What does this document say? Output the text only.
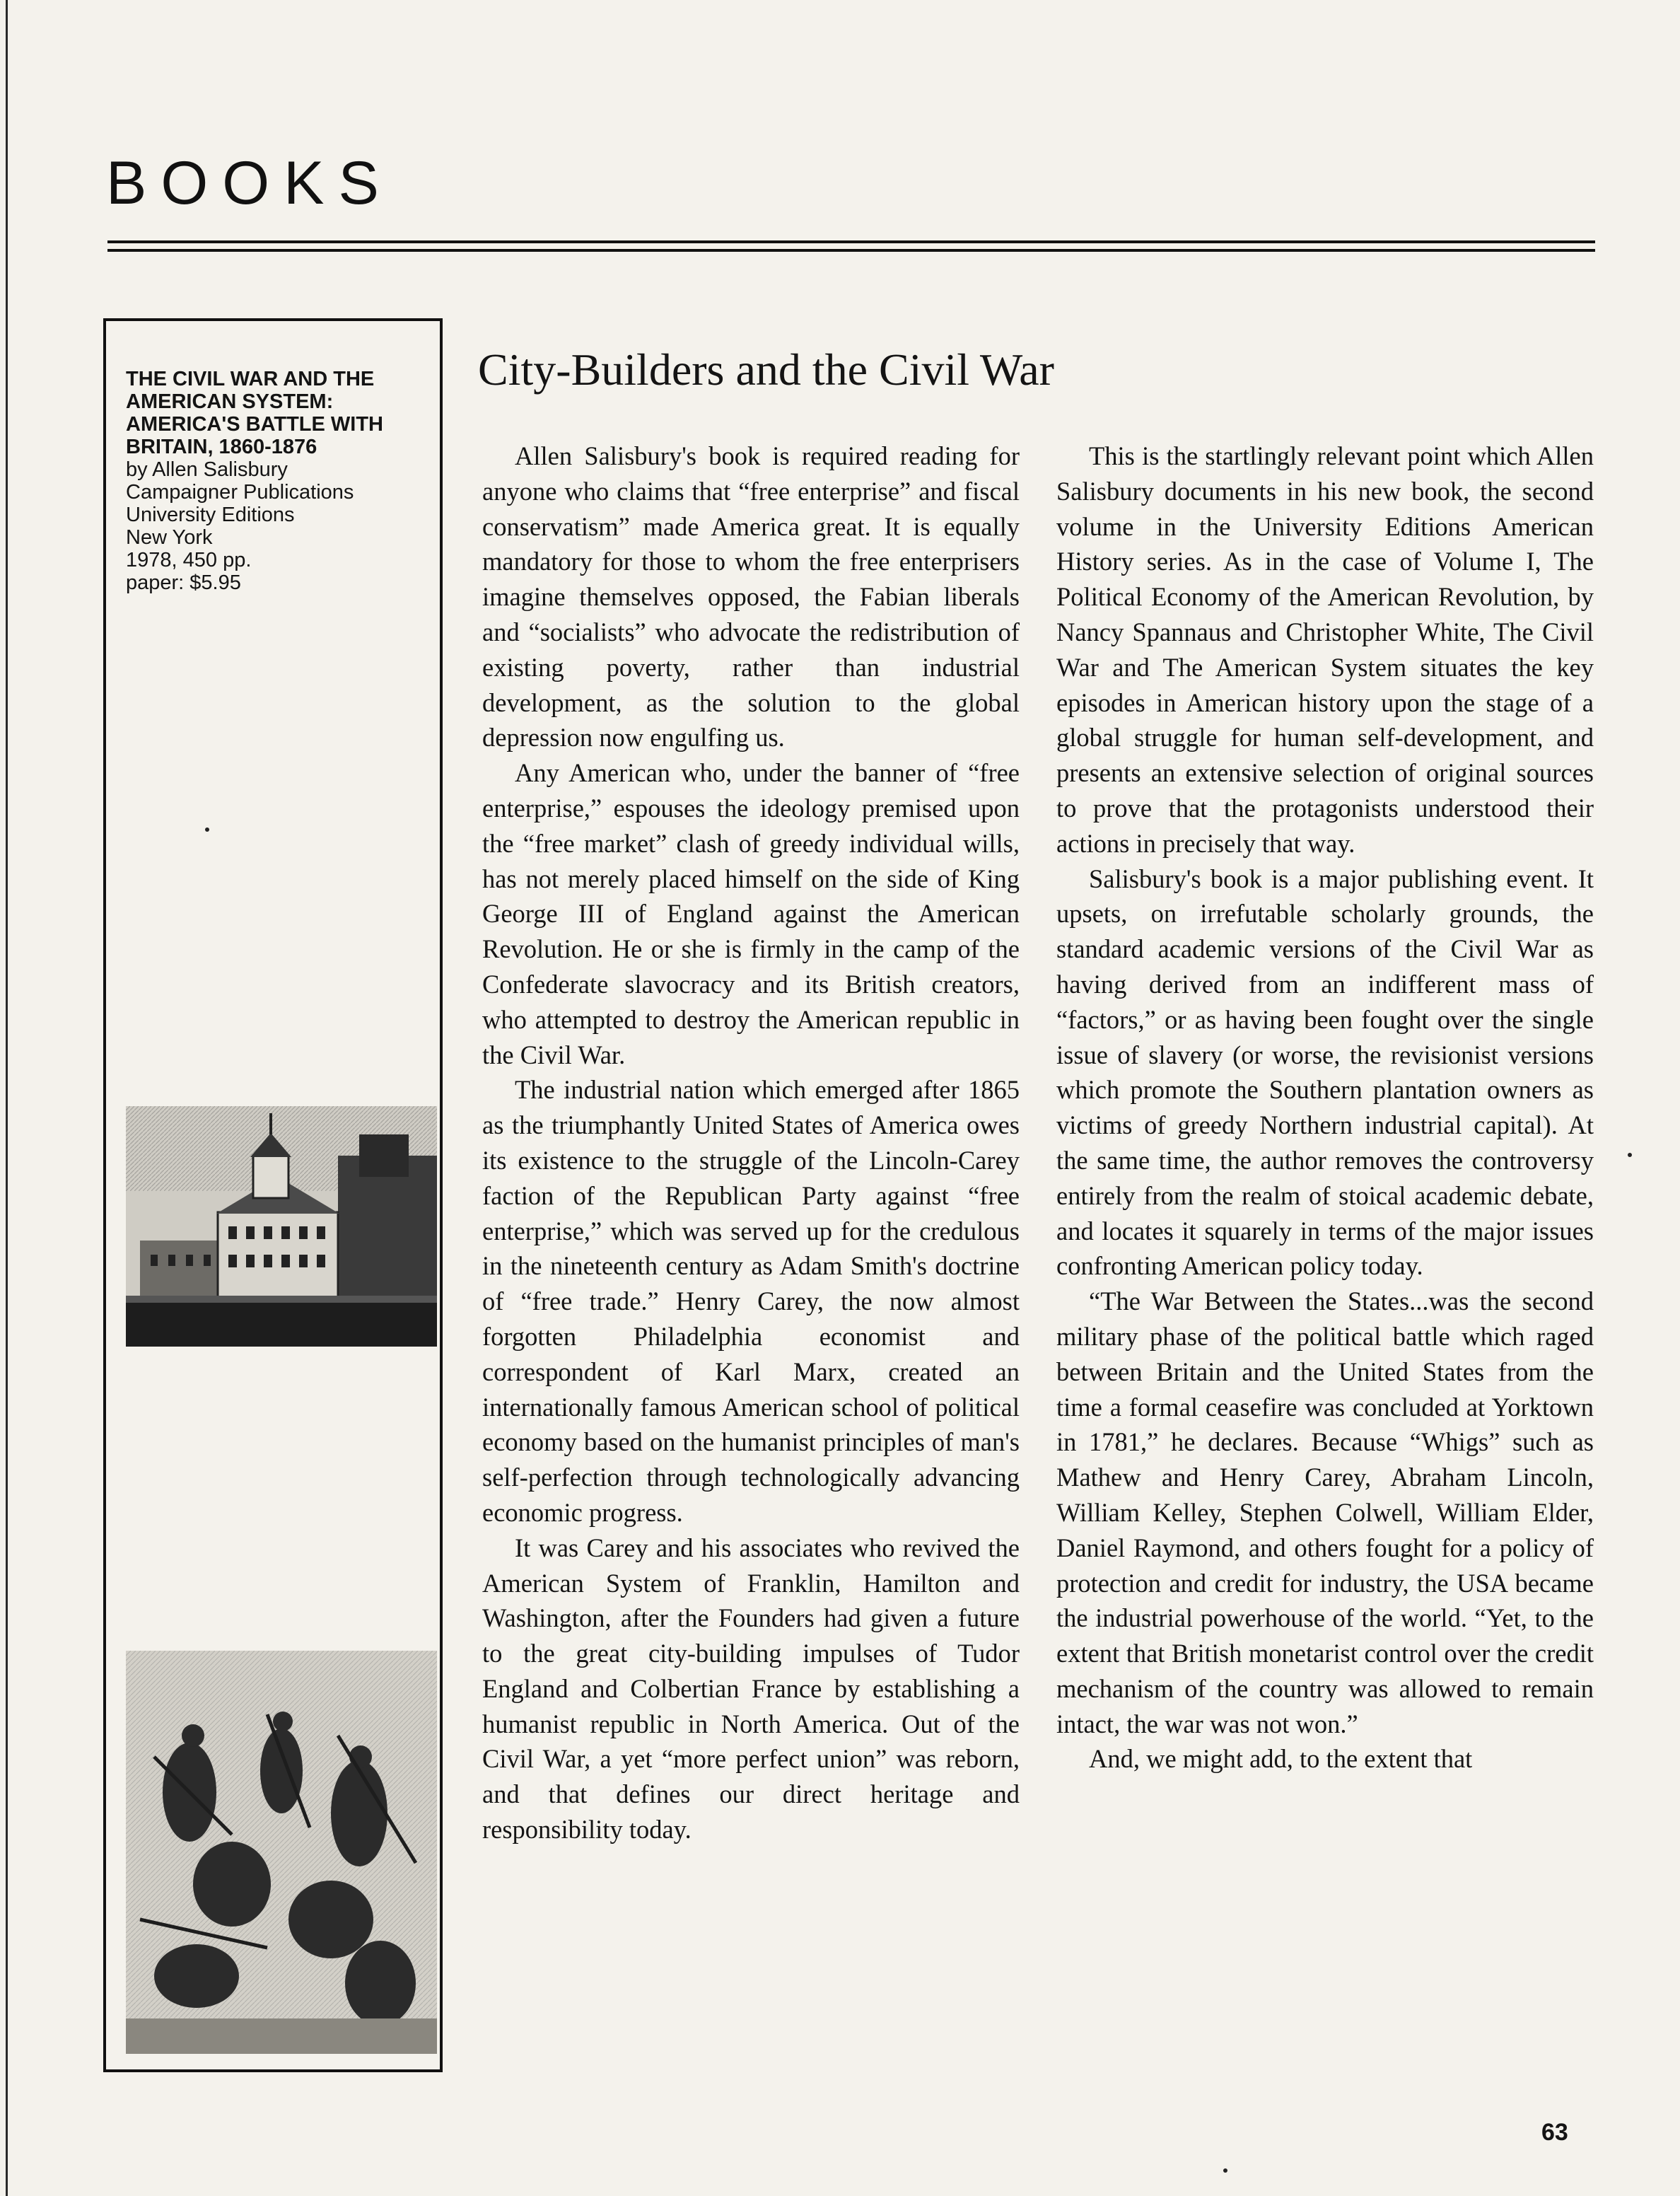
BOOKS
THE CIVIL WAR AND THE
AMERICAN SYSTEM:
AMERICA'S BATTLE WITH
BRITAIN, 1860-1876
by Allen Salisbury
Campaigner Publications
University Editions
New York
1978, 450 pp.
paper: $5.95
City-Builders and the Civil War

Allen Salisbury's book is required reading for anyone who claims that “free enterprise” and fiscal conservatism” made America great. It is equally mandatory for those to whom the free enterprisers imagine themselves opposed, the Fabian liberals and “socialists” who advocate the redistribution of existing poverty, rather than industrial development, as the solution to the global depression now engulfing us.

Any American who, under the banner of “free enterprise,” espouses the ideology premised upon the “free market” clash of greedy individual wills, has not merely placed himself on the side of King George III of England against the American Revolution. He or she is firmly in the camp of the Confederate slavocracy and its British creators, who attempted to destroy the American republic in the Civil War.

The industrial nation which emerged after 1865 as the triumphantly United States of America owes its existence to the struggle of the Lincoln-Carey faction of the Republican Party against “free enterprise,” which was served up for the credulous in the nineteenth century as Adam Smith's doctrine of “free trade.” Henry Carey, the now almost forgotten Philadelphia economist and correspondent of Karl Marx, created an internationally famous American school of political economy based on the humanist principles of man's self-perfection through technologically advancing economic progress.

It was Carey and his associates who revived the American System of Franklin, Hamilton and Washington, after the Founders had given a future to the great city-building impulses of Tudor England and Colbertian France by establishing a humanist republic in North America. Out of the Civil War, a yet “more perfect union” was reborn, and that defines our direct heritage and responsibility today.

This is the startlingly relevant point which Allen Salisbury documents in his new book, the second volume in the University Editions American History series. As in the case of Volume I, The Political Economy of the American Revolution, by Nancy Spannaus and Christopher White, The Civil War and The American System situates the key episodes in American history upon the stage of a global struggle for human self-development, and presents an extensive selection of original sources to prove that the protagonists understood their actions in precisely that way.

Salisbury's book is a major publishing event. It upsets, on irrefutable scholarly grounds, the standard academic versions of the Civil War as having derived from an indifferent mass of “factors,” or as having been fought over the single issue of slavery (or worse, the revisionist versions which promote the Southern plantation owners as victims of greedy Northern industrial capital). At the same time, the author removes the controversy entirely from the realm of stoical academic debate, and locates it squarely in terms of the major issues confronting American policy today.

“The War Between the States...was the second military phase of the political battle which raged between Britain and the United States from the time a formal ceasefire was concluded at Yorktown in 1781,” he declares. Because “Whigs” such as Mathew and Henry Carey, Abraham Lincoln, William Kelley, Stephen Colwell, William Elder, Daniel Raymond, and others fought for a policy of protection and credit for industry, the USA became the industrial powerhouse of the world. “Yet, to the extent that British monetarist control over the credit mechanism of the country was allowed to remain intact, the war was not won.”

And, we might add, to the extent that

63
